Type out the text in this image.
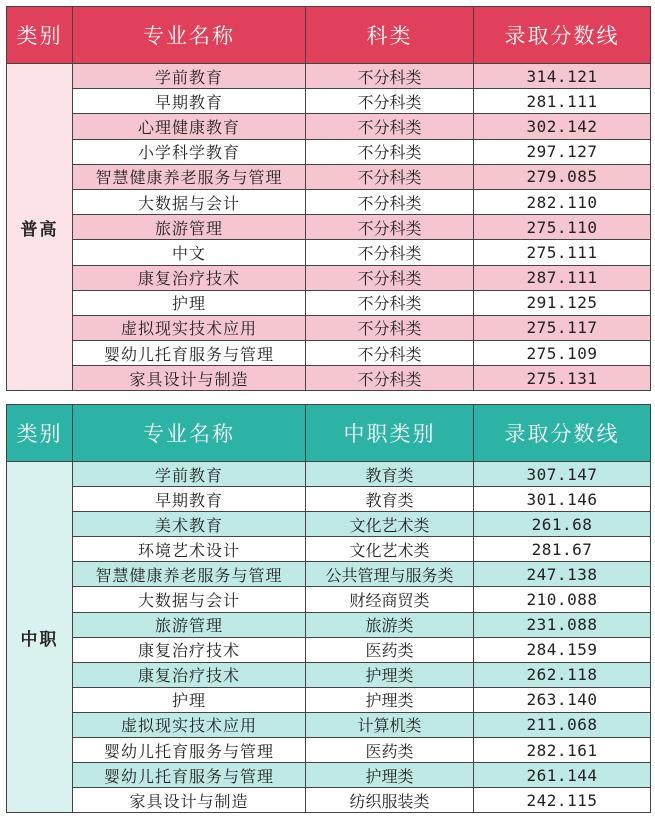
类别	专业名称	科类	录取分数线
普高	学前教育	不分科类	314.121
	早期教育	不分科类	281.111
	心理健康教育	不分科类	302.142
	小学科学教育	不分科类	297.127
	智慧健康养老服务与管理	不分科类	279.085
	大数据与会计	不分科类	282.110
	旅游管理	不分科类	275.110
	中文	不分科类	275.111
	康复治疗技术	不分科类	287.111
	护理	不分科类	291.125
	虚拟现实技术应用	不分科类	275.117
	婴幼儿托育服务与管理	不分科类	275.109
	家具设计与制造	不分科类	275.131
类别	专业名称	中职类别	录取分数线
中职	学前教育	教育类	307.147
	早期教育	教育类	301.146
	美术教育	文化艺术类	261.68
	环境艺术设计	文化艺术类	281.67
	智慧健康养老服务与管理	公共管理与服务类	247.138
	大数据与会计	财经商贸类	210.088
	旅游管理	旅游类	231.088
	康复治疗技术	医药类	284.159
	康复治疗技术	护理类	262.118
	护理	护理类	263.140
	虚拟现实技术应用	计算机类	211.068
	婴幼儿托育服务与管理	医药类	282.161
	婴幼儿托育服务与管理	护理类	261.144
	家具设计与制造	纺织服装类	242.115
